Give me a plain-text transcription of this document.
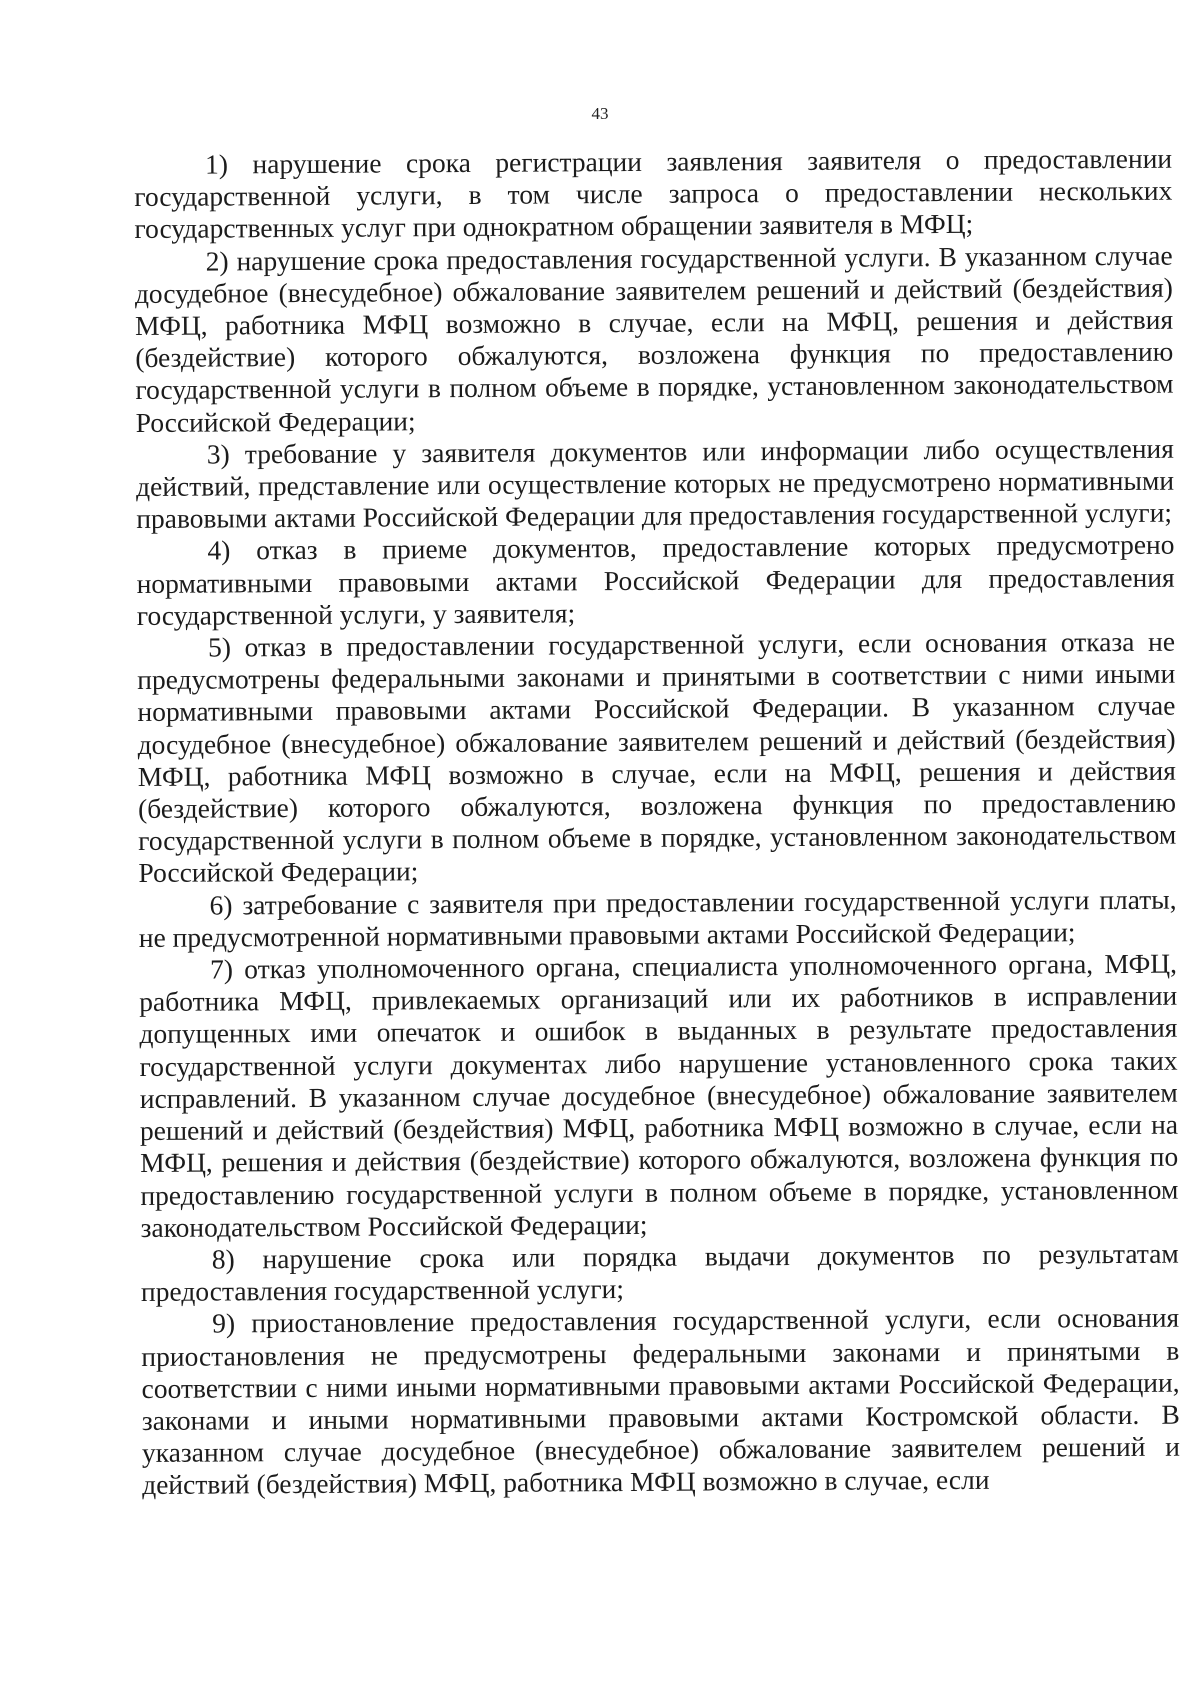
43

1) нарушение срока регистрации заявления заявителя о предоставлении государственной услуги, в том числе запроса о предоставлении нескольких государственных услуг при однократном обращении заявителя в МФЦ;

2) нарушение срока предоставления государственной услуги. В указанном случае досудебное (внесудебное) обжалование заявителем решений и действий (бездействия) МФЦ, работника МФЦ возможно в случае, если на МФЦ, решения и действия (бездействие) которого обжалуются, возложена функция по предоставлению государственной услуги в полном объеме в порядке, установленном законодательством Российской Федерации;

3) требование у заявителя документов или информации либо осуществления действий, представление или осуществление которых не предусмотрено нормативными правовыми актами Российской Федерации для предоставления государственной услуги;

4) отказ в приеме документов, предоставление которых предусмотрено нормативными правовыми актами Российской Федерации для предоставления государственной услуги, у заявителя;

5) отказ в предоставлении государственной услуги, если основания отказа не предусмотрены федеральными законами и принятыми в соответствии с ними иными нормативными правовыми актами Российской Федерации. В указанном случае досудебное (внесудебное) обжалование заявителем решений и действий (бездействия) МФЦ, работника МФЦ возможно в случае, если на МФЦ, решения и действия (бездействие) которого обжалуются, возложена функция по предоставлению государственной услуги в полном объеме в порядке, установленном законодательством Российской Федерации;

6) затребование с заявителя при предоставлении государственной услуги платы, не предусмотренной нормативными правовыми актами Российской Федерации;

7) отказ уполномоченного органа, специалиста уполномоченного органа, МФЦ, работника МФЦ, привлекаемых организаций или их работников в исправлении допущенных ими опечаток и ошибок в выданных в результате предоставления государственной услуги документах либо нарушение установленного срока таких исправлений. В указанном случае досудебное (внесудебное) обжалование заявителем решений и действий (бездействия) МФЦ, работника МФЦ возможно в случае, если на МФЦ, решения и действия (бездействие) которого обжалуются, возложена функция по предоставлению государственной услуги в полном объеме в порядке, установленном законодательством Российской Федерации;

8) нарушение срока или порядка выдачи документов по результатам предоставления государственной услуги;

9) приостановление предоставления государственной услуги, если основания приостановления не предусмотрены федеральными законами и принятыми в соответствии с ними иными нормативными правовыми актами Российской Федерации, законами и иными нормативными правовыми актами Костромской области. В указанном случае досудебное (внесудебное) обжалование заявителем решений и действий (бездействия) МФЦ, работника МФЦ возможно в случае, если
